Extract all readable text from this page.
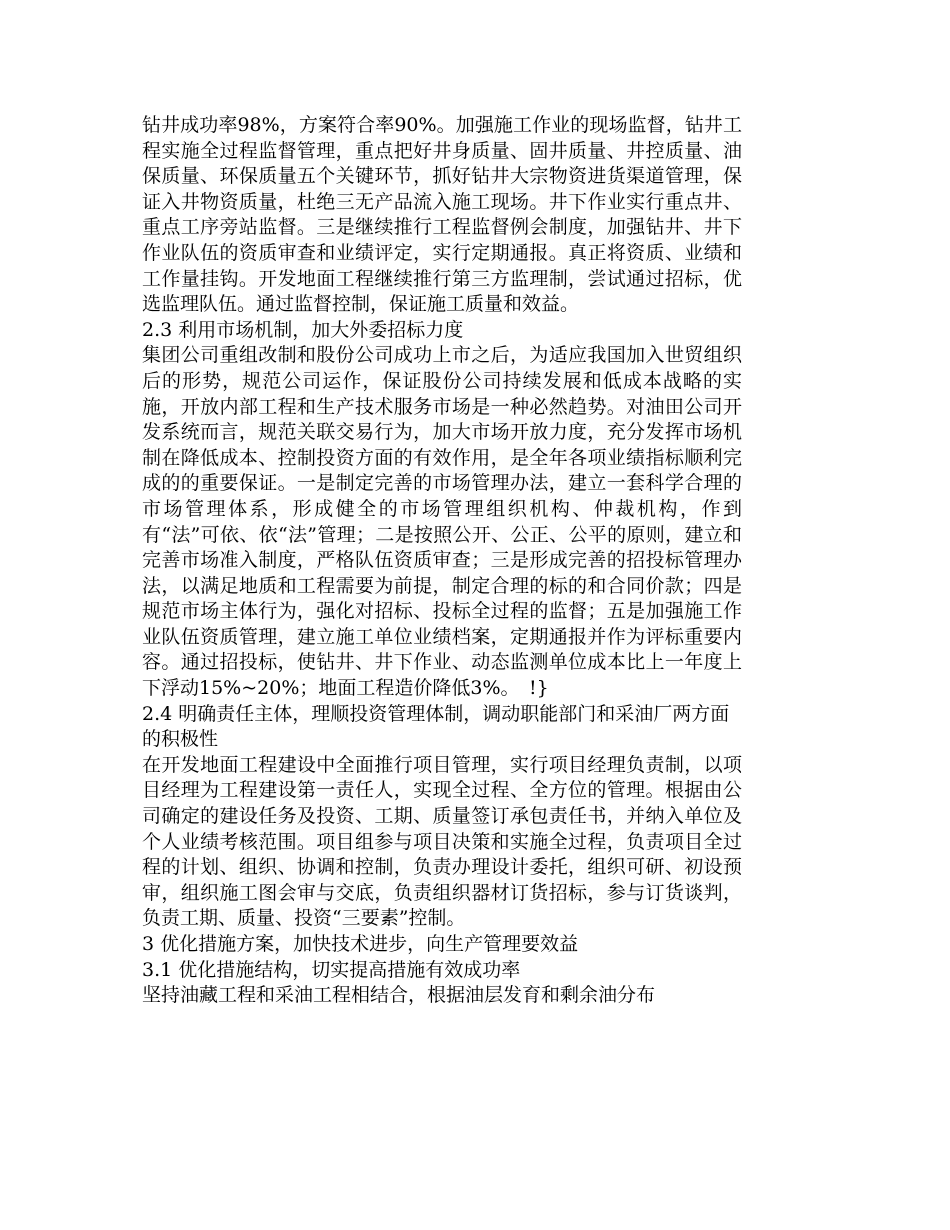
钻井成功率98%，方案符合率90%。加强施工作业的现场监督，钻井工程实施全过程监督管理，重点把好井身质量、固井质量、井控质量、油保质量、环保质量五个关键环节，抓好钻井大宗物资进货渠道管理，保证入井物资质量，杜绝三无产品流入施工现场。井下作业实行重点井、重点工序旁站监督。三是继续推行工程监督例会制度，加强钻井、井下作业队伍的资质审查和业绩评定，实行定期通报。真正将资质、业绩和工作量挂钩。开发地面工程继续推行第三方监理制，尝试通过招标，优选监理队伍。通过监督控制，保证施工质量和效益。

2.3 利用市场机制，加大外委招标力度

集团公司重组改制和股份公司成功上市之后，为适应我国加入世贸组织后的形势，规范公司运作，保证股份公司持续发展和低成本战略的实施，开放内部工程和生产技术服务市场是一种必然趋势。对油田公司开发系统而言，规范关联交易行为，加大市场开放力度，充分发挥市场机制在降低成本、控制投资方面的有效作用，是全年各项业绩指标顺利完成的的重要保证。一是制定完善的市场管理办法，建立一套科学合理的市场管理体系，形成健全的市场管理组织机构、仲裁机构，作到有“法”可依、依“法”管理；二是按照公开、公正、公平的原则，建立和完善市场准入制度，严格队伍资质审查；三是形成完善的招投标管理办法，以满足地质和工程需要为前提，制定合理的标的和合同价款；四是规范市场主体行为，强化对招标、投标全过程的监督；五是加强施工作业队伍资质管理，建立施工单位业绩档案，定期通报并作为评标重要内容。通过招投标，使钻井、井下作业、动态监测单位成本比上一年度上下浮动15%~20%；地面工程造价降低3%。　!}

2.4 明确责任主体，理顺投资管理体制，调动职能部门和采油厂两方面的积极性

在开发地面工程建设中全面推行项目管理，实行项目经理负责制，以项目经理为工程建设第一责任人，实现全过程、全方位的管理。根据由公司确定的建设任务及投资、工期、质量签订承包责任书，并纳入单位及个人业绩考核范围。项目组参与项目决策和实施全过程，负责项目全过程的计划、组织、协调和控制，负责办理设计委托，组织可研、初设预审，组织施工图会审与交底，负责组织器材订货招标，参与订货谈判，负责工期、质量、投资“三要素”控制。

3 优化措施方案，加快技术进步，向生产管理要效益

3.1 优化措施结构，切实提高措施有效成功率

坚持油藏工程和采油工程相结合，根据油层发育和剩余油分布
